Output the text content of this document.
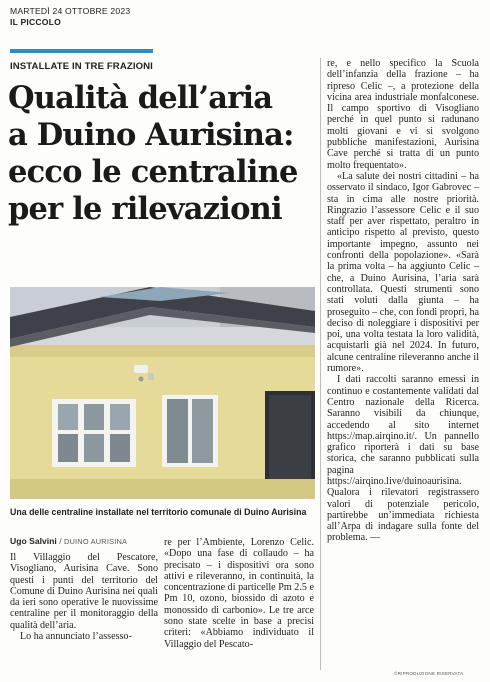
MARTEDÌ 24 OTTOBRE 2023
IL PICCOLO
INSTALLATE IN TRE FRAZIONI
Qualità dell’aria
a Duino Aurisina:
ecco le centraline
per le rilevazioni
Una delle centraline installate nel territorio comunale di Duino Aurisina
Ugo Salvini / DUINO AURISINA

Il Villaggio del Pescatore, Visogliano, Aurisina Cave. Sono questi i punti del territorio del Comune di Duino Aurisina nei quali da ieri sono operative le nuovissime centraline per il monitoraggio della qualità dell’aria.

Lo ha annunciato l’assesso-

re per l’Ambiente, Lorenzo Celic. «Dopo una fase di collaudo – ha precisato – i dispositivi ora sono attivi e rileveranno, in continuità, la concentrazione di particelle Pm 2.5 e Pm 10, ozono, biossido di azoto e monossido di carbonio». Le tre arce sono state scelte in base a precisi criteri: «Abbiamo individuato il Villaggio del Pescato-

re, e nello specifico la Scuola dell’infanzia della frazione – ha ripreso Celic –, a protezione della vicina area industriale monfalconese. Il campo sportivo di Visogliano perché in quel punto si radunano molti giovani e vi si svolgono pubbliche manifestazioni, Aurisina Cave perché si tratta di un punto molto frequentato».

«La salute dei nostri cittadini – ha osservato il sindaco, Igor Gabrovec – sta in cima alle nostre priorità. Ringrazio l’assessore Celic e il suo staff per aver rispettato, peraltro in anticipo rispetto al previsto, questo importante impegno, assunto nei confronti della popolazione». «Sarà la prima volta – ha aggiunto Celic – che, a Duino Aurisina, l’aria sarà controllata. Questi strumenti sono stati voluti dalla giunta – ha proseguito – che, con fondi propri, ha deciso di noleggiare i dispositivi per poi, una volta testata la loro validità, acquistarli già nel 2024. In futuro, alcune centraline rileveranno anche il rumore».

I dati raccolti saranno emessi in continuo e costantemente validati dal Centro nazionale della Ricerca. Saranno visibili da chiunque, accedendo al sito internet https://map.airqino.it/. Un pannello grafico riporterà i dati su base storica, che saranno pubblicati sulla pagina https://airqino.live/duinoaurisina. Qualora i rilevatori registrassero valori di potenziale pericolo, partirebbe un’immediata richiesta all’Arpa di indagare sulla fonte del problema. —

©RIPRODUZIONE RISERVATA
